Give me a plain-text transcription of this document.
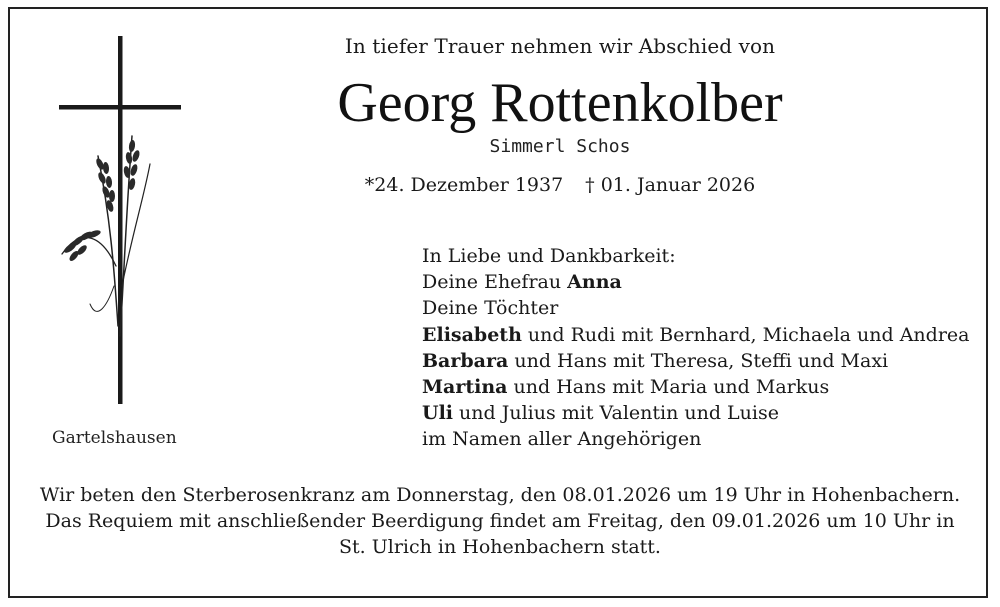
Gartelshausen
In tiefer Trauer nehmen wir Abschied von
Georg Rottenkolber
Simmerl Schos
*24. Dezember 1937 † 01. Januar 2026
In Liebe und Dankbarkeit:
Deine Ehefrau Anna
Deine Töchter
Elisabeth und Rudi mit Bernhard, Michaela und Andrea
Barbara und Hans mit Theresa, Steffi und Maxi
Martina und Hans mit Maria und Markus
Uli und Julius mit Valentin und Luise
im Namen aller Angehörigen
Wir beten den Sterberosenkranz am Donnerstag, den 08.01.2026 um 19 Uhr in Hohenbachern.
Das Requiem mit anschließender Beerdigung findet am Freitag, den 09.01.2026 um 10 Uhr in
St. Ulrich in Hohenbachern statt.
